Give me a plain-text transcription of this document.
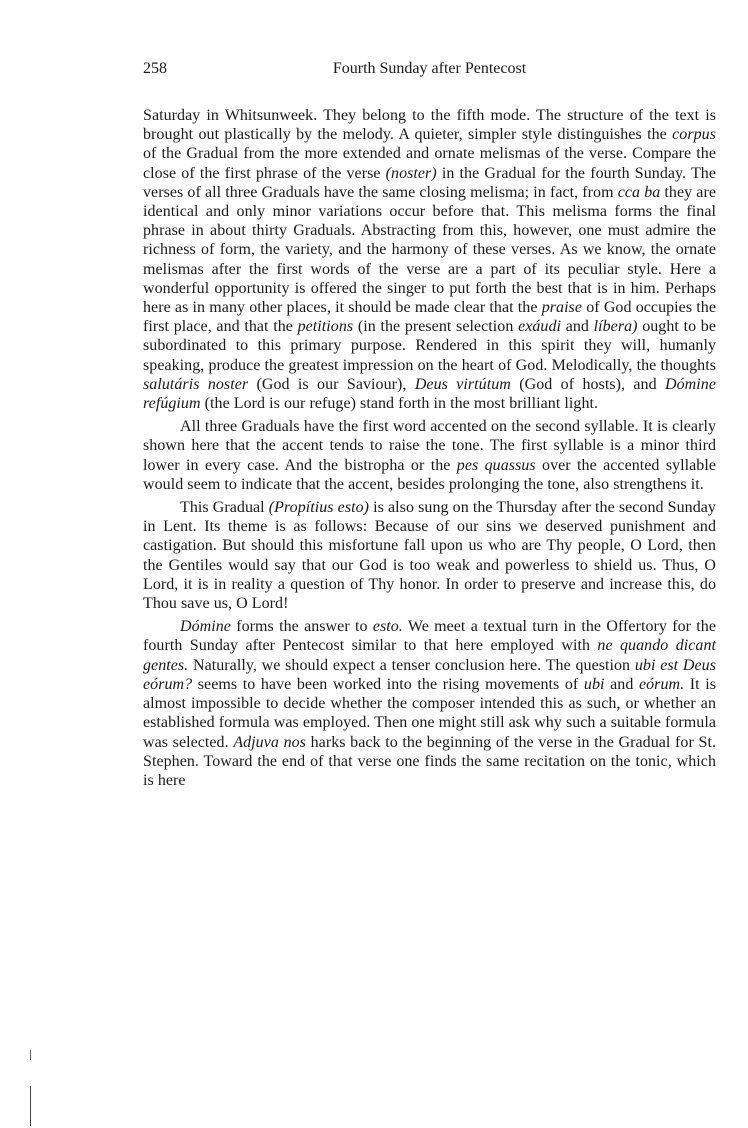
258	Fourth Sunday after Pentecost

Saturday in Whitsunweek. They belong to the fifth mode. The structure of the text is brought out plastically by the melody. A quieter, simpler style distinguishes the corpus of the Gradual from the more extended and ornate melismas of the verse. Compare the close of the first phrase of the verse (noster) in the Gradual for the fourth Sunday. The verses of all three Graduals have the same closing melisma; in fact, from cca ba they are identical and only minor variations occur before that. This melisma forms the final phrase in about thirty Graduals. Abstracting from this, however, one must admire the richness of form, the variety, and the harmony of these verses. As we know, the ornate melismas after the first words of the verse are a part of its peculiar style. Here a wonderful opportunity is offered the singer to put forth the best that is in him. Perhaps here as in many other places, it should be made clear that the praise of God occupies the first place, and that the petitions (in the present selection exáudi and líbera) ought to be subordinated to this primary purpose. Rendered in this spirit they will, humanly speaking, produce the greatest impression on the heart of God. Melodically, the thoughts salutáris noster (God is our Saviour), Deus virtútum (God of hosts), and Dómine refúgium (the Lord is our refuge) stand forth in the most brilliant light.

All three Graduals have the first word accented on the second syllable. It is clearly shown here that the accent tends to raise the tone. The first syllable is a minor third lower in every case. And the bistropha or the pes quassus over the accented syllable would seem to indicate that the accent, besides prolonging the tone, also strengthens it.

This Gradual (Propítius esto) is also sung on the Thursday after the second Sunday in Lent. Its theme is as follows: Because of our sins we deserved punishment and castigation. But should this misfortune fall upon us who are Thy people, O Lord, then the Gentiles would say that our God is too weak and powerless to shield us. Thus, O Lord, it is in reality a question of Thy honor. In order to preserve and increase this, do Thou save us, O Lord!

Dómine forms the answer to esto. We meet a textual turn in the Offertory for the fourth Sunday after Pentecost similar to that here employed with ne quando dicant gentes. Naturally, we should expect a tenser conclusion here. The question ubi est Deus eórum? seems to have been worked into the rising movements of ubi and eórum. It is almost impossible to decide whether the composer intended this as such, or whether an established formula was employed. Then one might still ask why such a suitable formula was selected. Adjuva nos harks back to the beginning of the verse in the Gradual for St. Stephen. Toward the end of that verse one finds the same recitation on the tonic, which is here
